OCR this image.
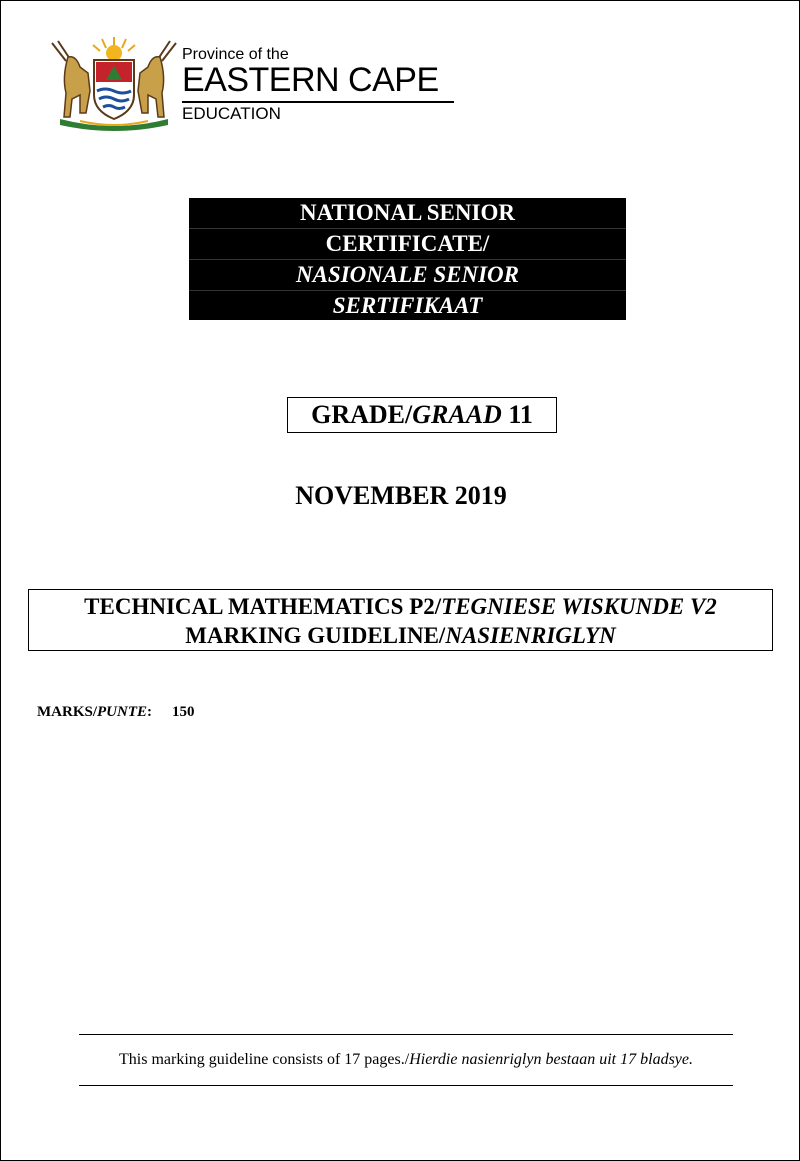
Province of the
EASTERN CAPE
EDUCATION
NATIONAL SENIOR
CERTIFICATE/
NASIONALE SENIOR
SERTIFIKAAT
GRADE/GRAAD 11
NOVEMBER 2019
TECHNICAL MATHEMATICS P2/TEGNIESE WISKUNDE V2
MARKING GUIDELINE/NASIENRIGLYN
MARKS/PUNTE: 150
This marking guideline consists of 17 pages./Hierdie nasienriglyn bestaan uit 17 bladsye.
